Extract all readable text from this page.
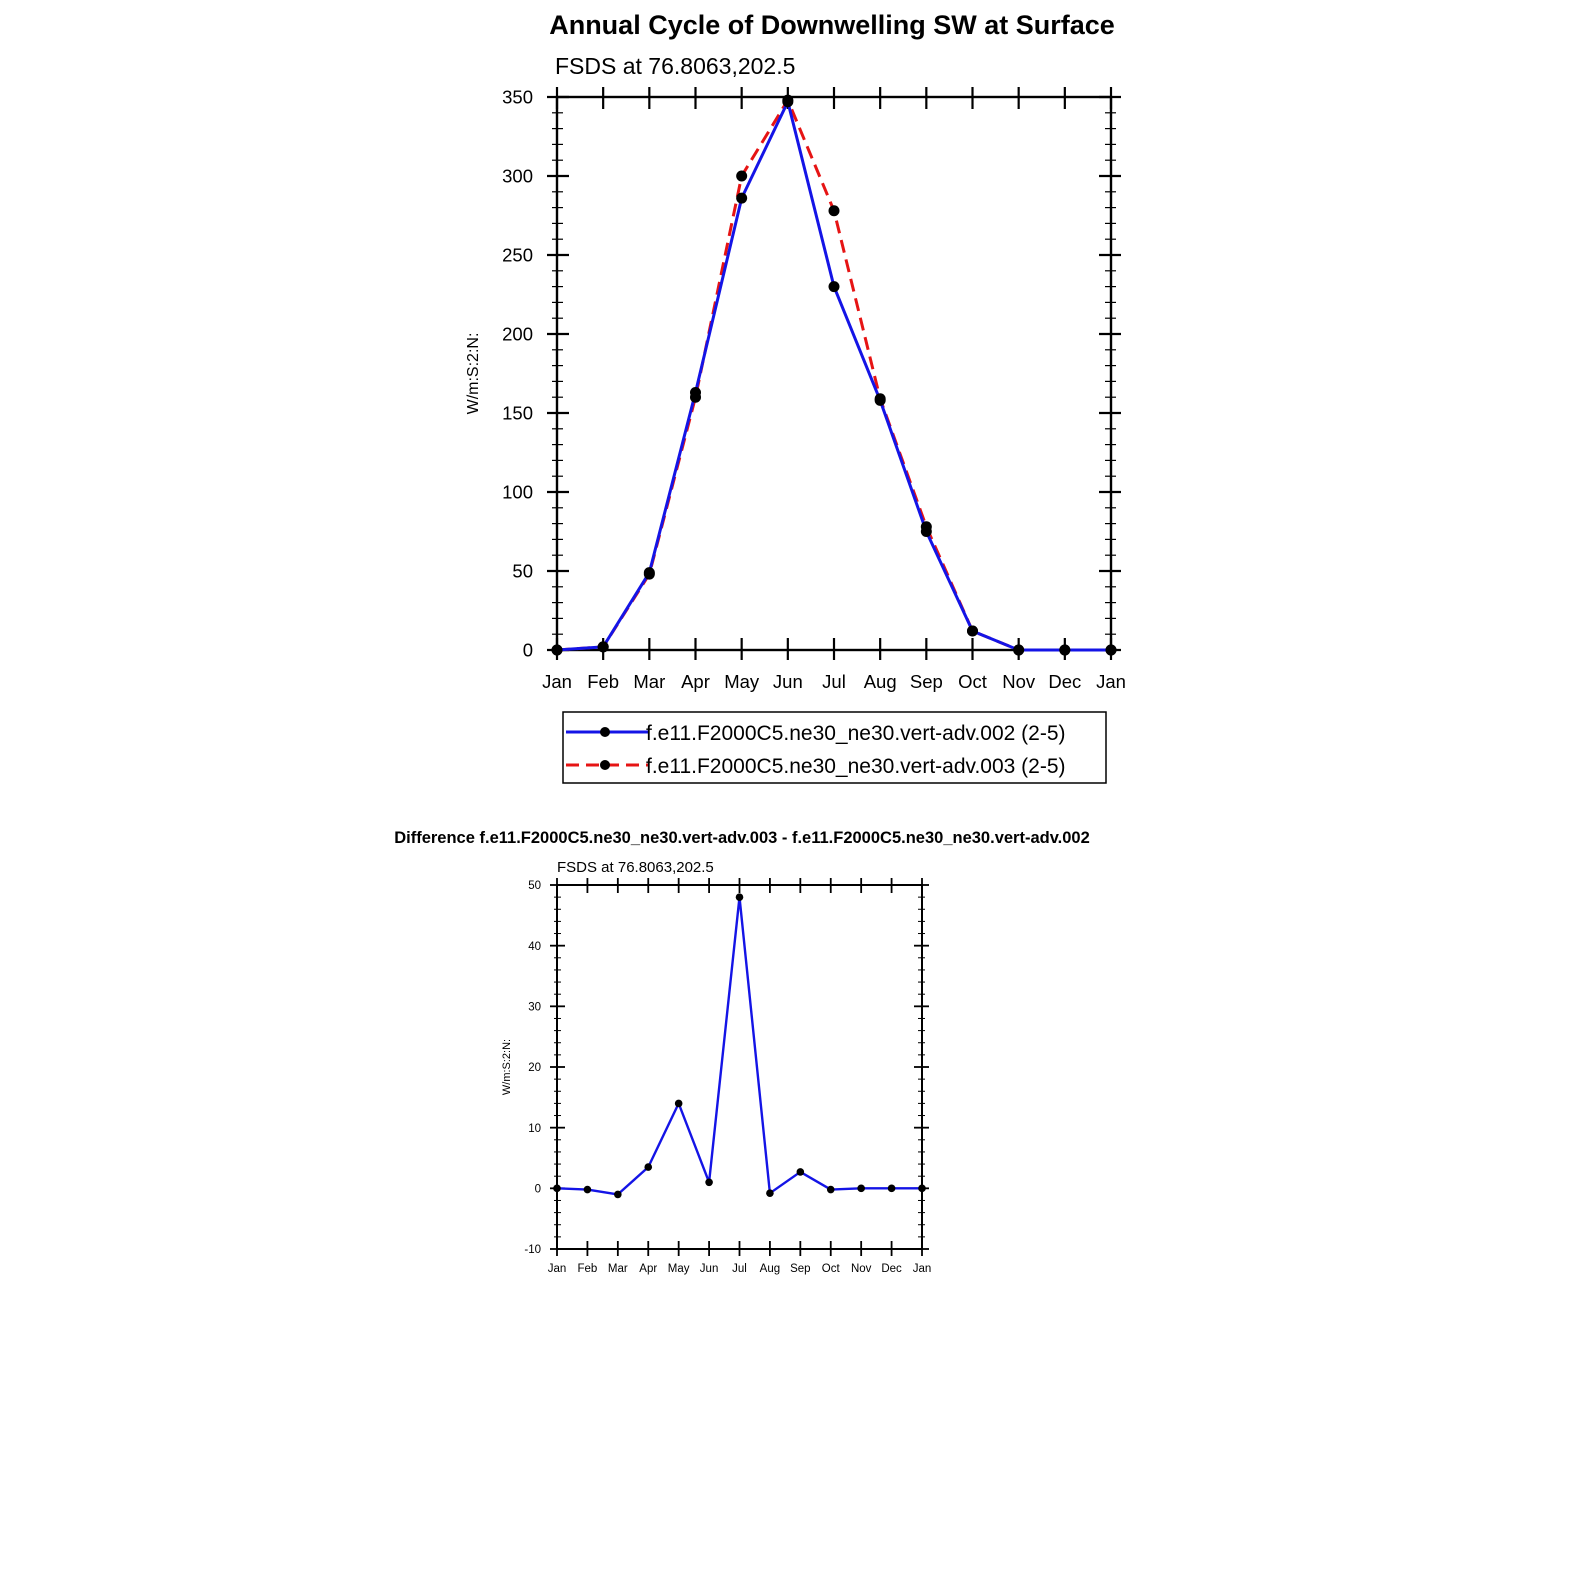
Annual Cycle of Downwelling SW at Surface
FSDS at 76.8063,202.5
0
50
100
150
200
250
300
350
Jan Feb Mar Apr May Jun Jul Aug Sep Oct Nov Dec Jan
W/m:S:2:N:
f.e11.F2000C5.ne30_ne30.vert-adv.002 (2-5)
f.e11.F2000C5.ne30_ne30.vert-adv.003 (2-5)
Difference f.e11.F2000C5.ne30_ne30.vert-adv.003 - f.e11.F2000C5.ne30_ne30.vert-adv.002
FSDS at 76.8063,202.5
-10
0
10
20
30
40
50
Jan Feb Mar Apr May Jun Jul Aug Sep Oct Nov Dec Jan
W/m:S:2:N:
